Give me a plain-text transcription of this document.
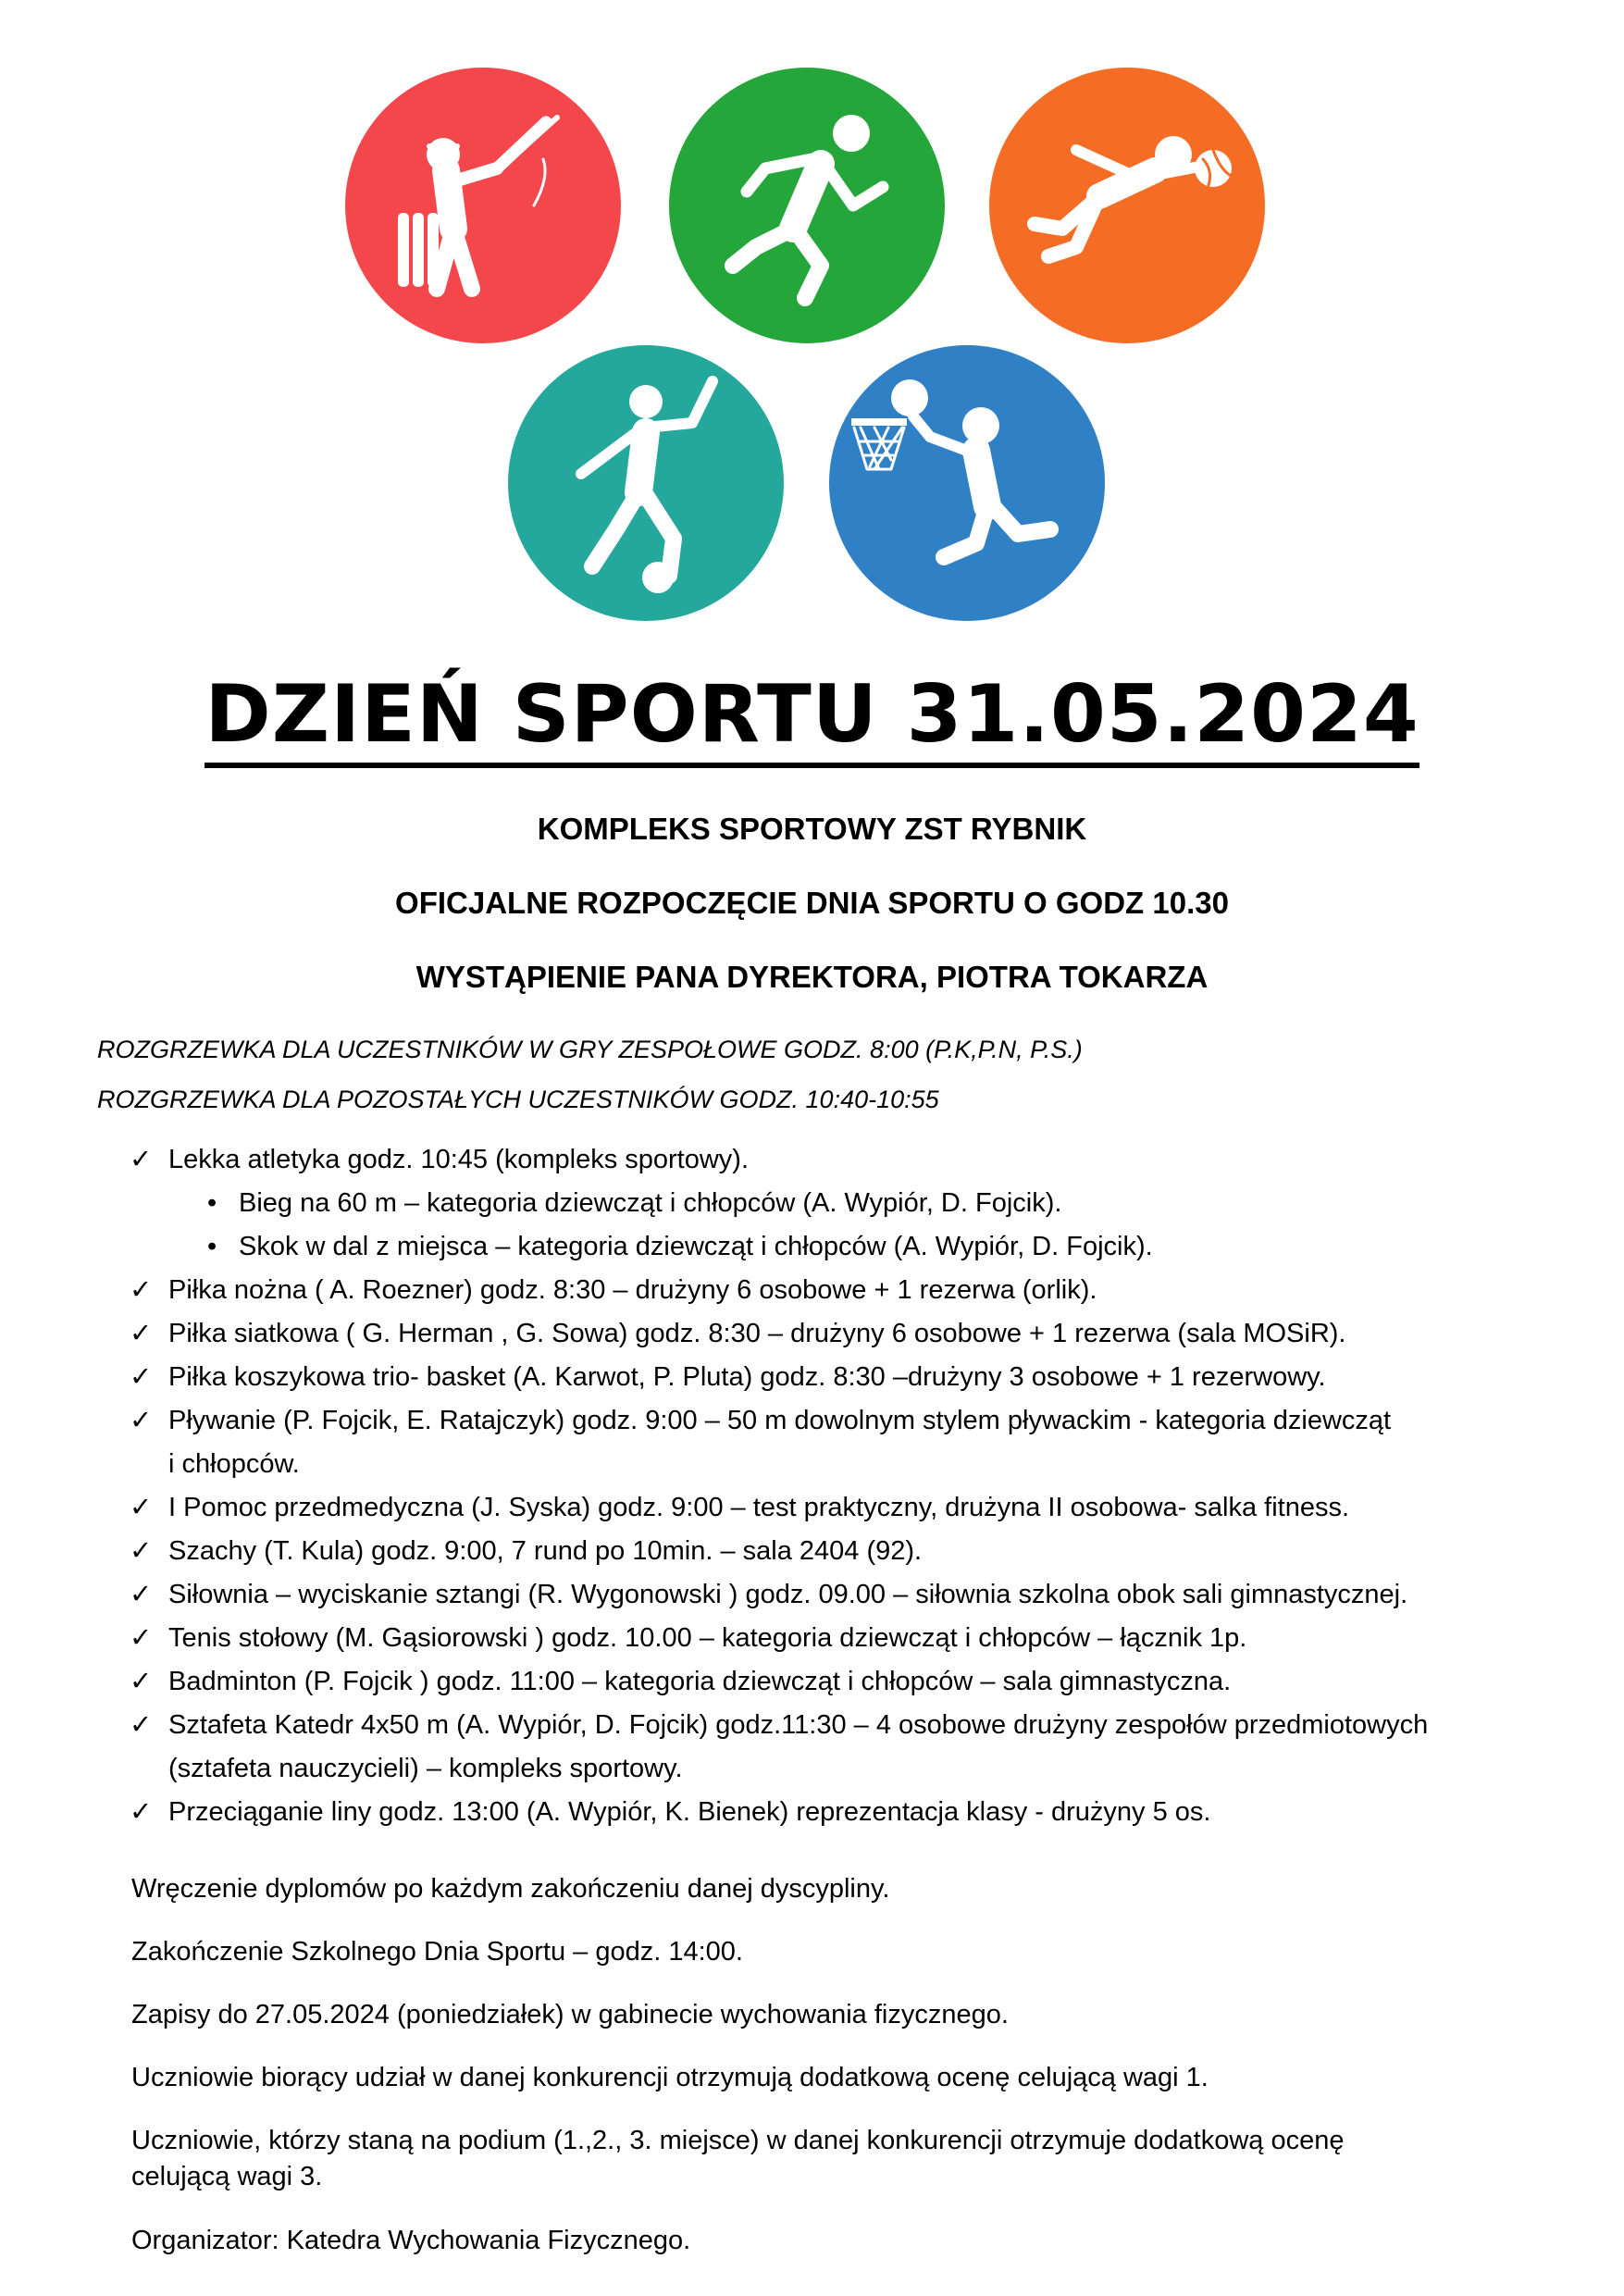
DZIEŃ SPORTU 31.05.2024
KOMPLEKS SPORTOWY ZST RYBNIK
OFICJALNE ROZPOCZĘCIE DNIA SPORTU O GODZ 10.30
WYSTĄPIENIE PANA DYREKTORA, PIOTRA TOKARZA
ROZGRZEWKA DLA UCZESTNIKÓW W GRY ZESPOŁOWE GODZ. 8:00 (P.K,P.N, P.S.)
ROZGRZEWKA DLA POZOSTAŁYCH UCZESTNIKÓW GODZ. 10:40-10:55
✓ Lekka atletyka godz. 10:45 (kompleks sportowy).
• Bieg na 60 m – kategoria dziewcząt i chłopców (A. Wypiór, D. Fojcik).
• Skok w dal z miejsca – kategoria dziewcząt i chłopców (A. Wypiór, D. Fojcik).
✓ Piłka nożna ( A. Roezner) godz. 8:30 – drużyny 6 osobowe + 1 rezerwa (orlik).
✓ Piłka siatkowa ( G. Herman , G. Sowa) godz. 8:30 – drużyny 6 osobowe + 1 rezerwa (sala MOSiR).
✓ Piłka koszykowa trio- basket (A. Karwot, P. Pluta) godz. 8:30 –drużyny 3 osobowe + 1 rezerwowy.
✓ Pływanie (P. Fojcik, E. Ratajczyk) godz. 9:00 – 50 m dowolnym stylem pływackim - kategoria dziewcząt
i chłopców.
✓ I Pomoc przedmedyczna (J. Syska) godz. 9:00 – test praktyczny, drużyna II osobowa- salka fitness.
✓ Szachy (T. Kula) godz. 9:00, 7 rund po 10min. – sala 2404 (92).
✓ Siłownia – wyciskanie sztangi (R. Wygonowski ) godz. 09.00 – siłownia szkolna obok sali gimnastycznej.
✓ Tenis stołowy (M. Gąsiorowski ) godz. 10.00 – kategoria dziewcząt i chłopców – łącznik 1p.
✓ Badminton (P. Fojcik ) godz. 11:00 – kategoria dziewcząt i chłopców – sala gimnastyczna.
✓ Sztafeta Katedr 4x50 m (A. Wypiór, D. Fojcik) godz.11:30 – 4 osobowe drużyny zespołów przedmiotowych
(sztafeta nauczycieli) – kompleks sportowy.
✓ Przeciąganie liny godz. 13:00 (A. Wypiór, K. Bienek) reprezentacja klasy - drużyny 5 os.
Wręczenie dyplomów po każdym zakończeniu danej dyscypliny.
Zakończenie Szkolnego Dnia Sportu – godz. 14:00.
Zapisy do 27.05.2024 (poniedziałek) w gabinecie wychowania fizycznego.
Uczniowie biorący udział w danej konkurencji otrzymują dodatkową ocenę celującą wagi 1.
Uczniowie, którzy staną na podium (1.,2., 3. miejsce) w danej konkurencji otrzymuje dodatkową ocenę
celującą wagi 3.
Organizator: Katedra Wychowania Fizycznego.
